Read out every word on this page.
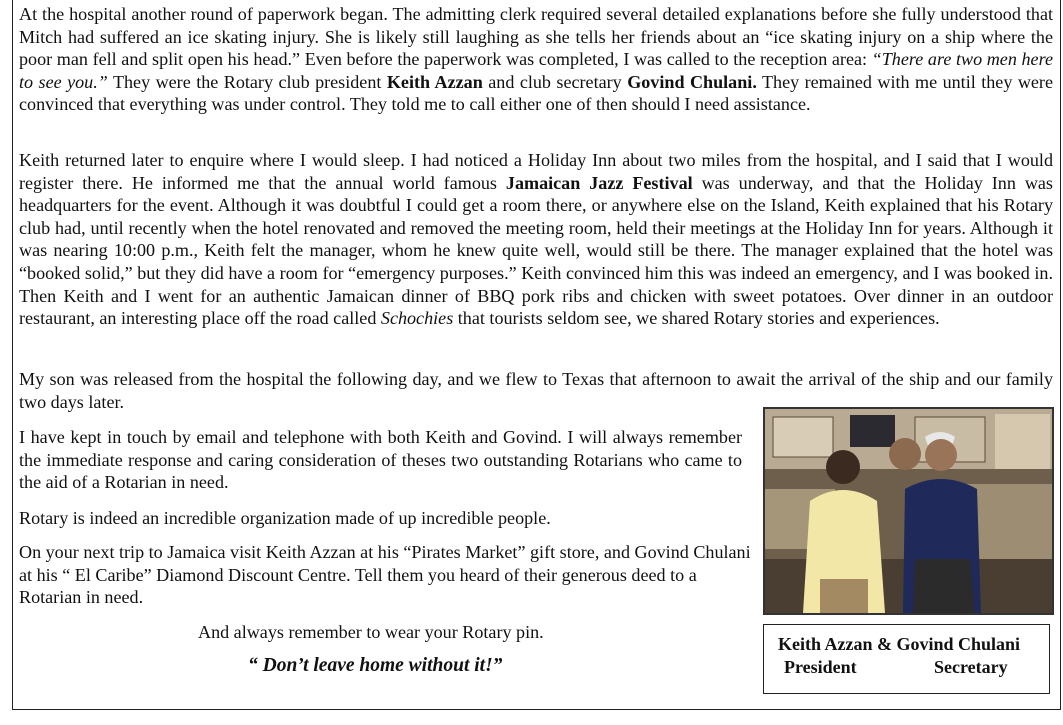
At the hospital another round of paperwork began. The admitting clerk required several detailed explanations before she fully understood that Mitch had suffered an ice skating injury. She is likely still laughing as she tells her friends about an “ice skating injury on a ship where the poor man fell and split open his head.” Even before the paperwork was completed, I was called to the reception area: “There are two men here to see you.” They were the Rotary club president Keith Azzan and club secretary Govind Chulani. They remained with me until they were convinced that everything was under control. They told me to call either one of then should I need assistance.

Keith returned later to enquire where I would sleep. I had noticed a Holiday Inn about two miles from the hospital, and I said that I would register there. He informed me that the annual world famous Jamaican Jazz Festival was underway, and that the Holiday Inn was headquarters for the event. Although it was doubtful I could get a room there, or anywhere else on the Island, Keith explained that his Rotary club had, until recently when the hotel renovated and removed the meeting room, held their meetings at the Holiday Inn for years. Although it was nearing 10:00 p.m., Keith felt the manager, whom he knew quite well, would still be there. The manager explained that the hotel was “booked solid,” but they did have a room for “emergency purposes.” Keith convinced him this was indeed an emergency, and I was booked in. Then Keith and I went for an authentic Jamaican dinner of BBQ pork ribs and chicken with sweet potatoes. Over dinner in an outdoor restaurant, an interesting place off the road called Schochies that tourists seldom see, we shared Rotary stories and experiences.

My son was released from the hospital the following day, and we flew to Texas that afternoon to await the arrival of the ship and our family two days later.

I have kept in touch by email and telephone with both Keith and Govind. I will always remember the immediate response and caring consideration of theses two outstanding Rotarians who came to the aid of a Rotarian in need.

Rotary is indeed an incredible organization made of up incredible people.

On your next trip to Jamaica visit Keith Azzan at his “Pirates Market” gift store, and Govind Chulani at his “ El Caribe” Diamond Discount Centre. Tell them you heard of their generous deed to a Rotarian in need.

And always remember to wear your Rotary pin.

“ Don’t leave home without it!”

Keith Azzan & Govind Chulani
President	Secretary
